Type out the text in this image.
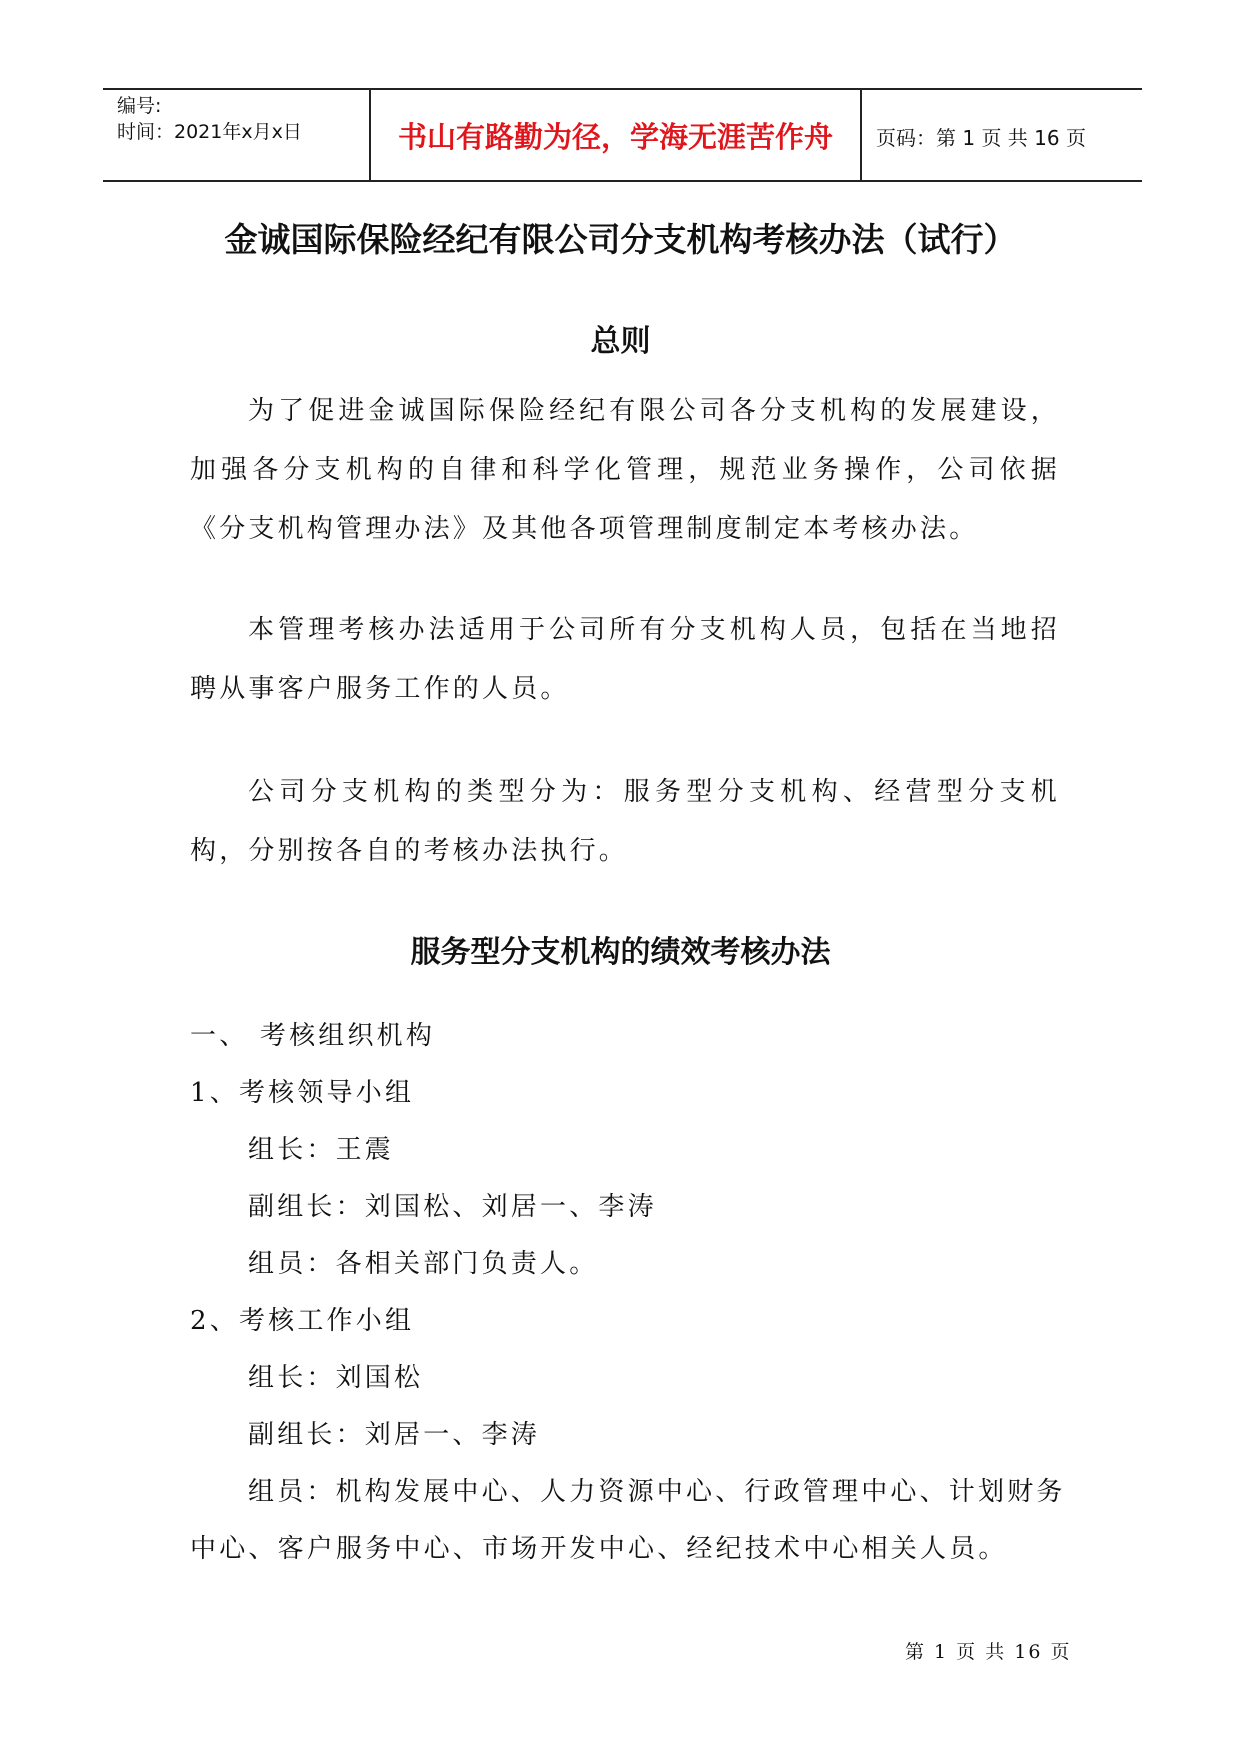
编号:
时间：2021年x月x日	书山有路勤为径，学海无涯苦作舟	页码：第 1 页 共 16 页
金诚国际保险经纪有限公司分支机构考核办法（试行）
总则
为了促进金诚国际保险经纪有限公司各分支机构的发展建设，加强各分支机构的自律和科学化管理，规范业务操作，公司依据《分支机构管理办法》及其他各项管理制度制定本考核办法。
本管理考核办法适用于公司所有分支机构人员，包括在当地招聘从事客户服务工作的人员。
公司分支机构的类型分为：服务型分支机构、经营型分支机构，分别按各自的考核办法执行。
服务型分支机构的绩效考核办法
一、 考核组织机构
1、考核领导小组
组长：王震
副组长：刘国松、刘居一、李涛
组员：各相关部门负责人。
2、考核工作小组
组长：刘国松
副组长：刘居一、李涛
组员：机构发展中心、人力资源中心、行政管理中心、计划财务
中心、客户服务中心、市场开发中心、经纪技术中心相关人员。
第 1 页 共 16 页
